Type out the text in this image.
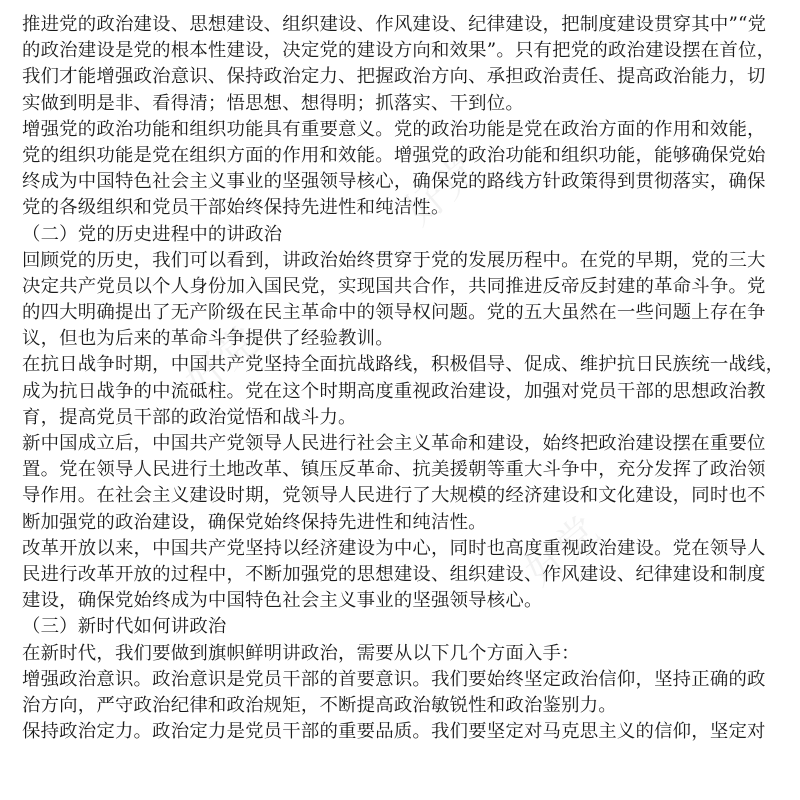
好党
好党
好党
推进党的政治建设、思想建设、组织建设、作风建设、纪律建设，把制度建设贯穿其中”“党
的政治建设是党的根本性建设，决定党的建设方向和效果”。只有把党的政治建设摆在首位，
我们才能增强政治意识、保持政治定力、把握政治方向、承担政治责任、提高政治能力，切
实做到明是非、看得清；悟思想、想得明；抓落实、干到位。
增强党的政治功能和组织功能具有重要意义。党的政治功能是党在政治方面的作用和效能，
党的组织功能是党在组织方面的作用和效能。增强党的政治功能和组织功能，能够确保党始
终成为中国特色社会主义事业的坚强领导核心，确保党的路线方针政策得到贯彻落实，确保
党的各级组织和党员干部始终保持先进性和纯洁性。
（二）党的历史进程中的讲政治
回顾党的历史，我们可以看到，讲政治始终贯穿于党的发展历程中。在党的早期，党的三大
决定共产党员以个人身份加入国民党，实现国共合作，共同推进反帝反封建的革命斗争。党
的四大明确提出了无产阶级在民主革命中的领导权问题。党的五大虽然在一些问题上存在争
议，但也为后来的革命斗争提供了经验教训。
在抗日战争时期，中国共产党坚持全面抗战路线，积极倡导、促成、维护抗日民族统一战线，
成为抗日战争的中流砥柱。党在这个时期高度重视政治建设，加强对党员干部的思想政治教
育，提高党员干部的政治觉悟和战斗力。
新中国成立后，中国共产党领导人民进行社会主义革命和建设，始终把政治建设摆在重要位
置。党在领导人民进行土地改革、镇压反革命、抗美援朝等重大斗争中，充分发挥了政治领
导作用。在社会主义建设时期，党领导人民进行了大规模的经济建设和文化建设，同时也不
断加强党的政治建设，确保党始终保持先进性和纯洁性。
改革开放以来，中国共产党坚持以经济建设为中心，同时也高度重视政治建设。党在领导人
民进行改革开放的过程中，不断加强党的思想建设、组织建设、作风建设、纪律建设和制度
建设，确保党始终成为中国特色社会主义事业的坚强领导核心。
（三）新时代如何讲政治
在新时代，我们要做到旗帜鲜明讲政治，需要从以下几个方面入手：
增强政治意识。政治意识是党员干部的首要意识。我们要始终坚定政治信仰，坚持正确的政
治方向，严守政治纪律和政治规矩，不断提高政治敏锐性和政治鉴别力。
保持政治定力。政治定力是党员干部的重要品质。我们要坚定对马克思主义的信仰，坚定对
